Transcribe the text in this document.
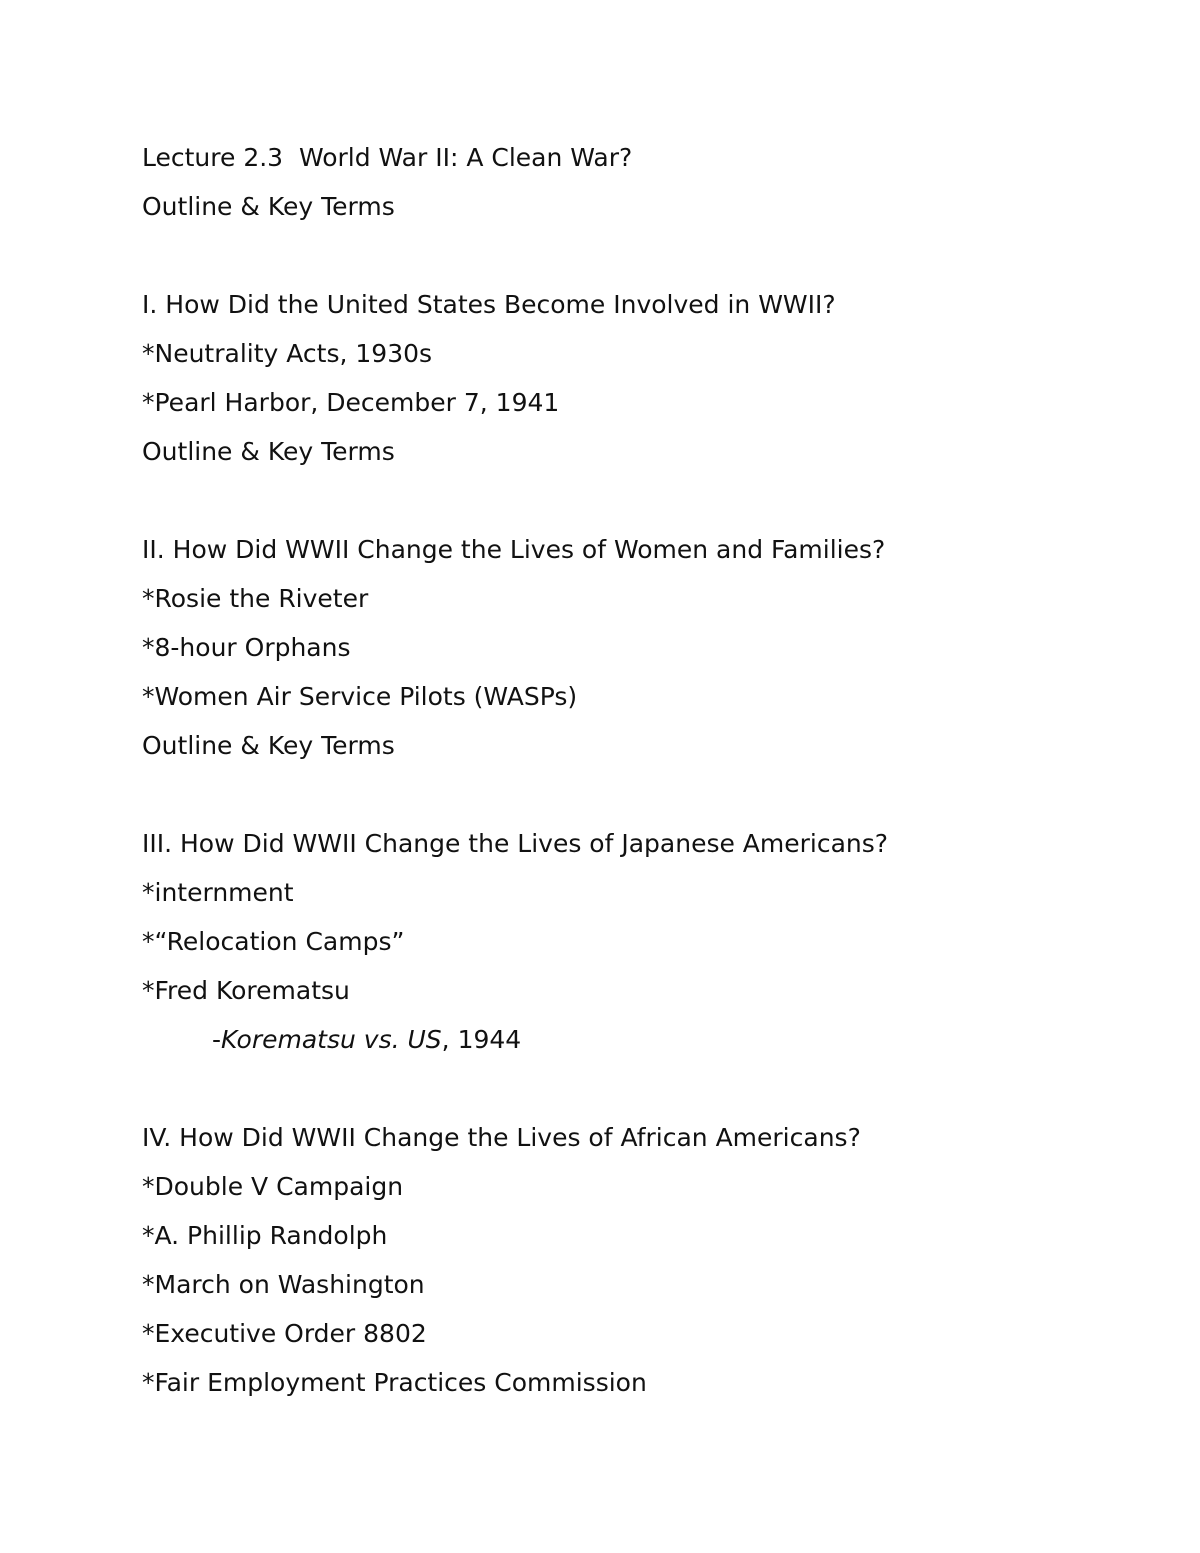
Lecture 2.3  World War II: A Clean War?
Outline & Key Terms
I. How Did the United States Become Involved in WWII?
*Neutrality Acts, 1930s
*Pearl Harbor, December 7, 1941
Outline & Key Terms
II. How Did WWII Change the Lives of Women and Families?
*Rosie the Riveter
*8-hour Orphans
*Women Air Service Pilots (WASPs)
Outline & Key Terms
III. How Did WWII Change the Lives of Japanese Americans?
*internment
*“Relocation Camps”
*Fred Korematsu
-Korematsu vs. US, 1944
IV. How Did WWII Change the Lives of African Americans?
*Double V Campaign
*A. Phillip Randolph
*March on Washington
*Executive Order 8802
*Fair Employment Practices Commission
